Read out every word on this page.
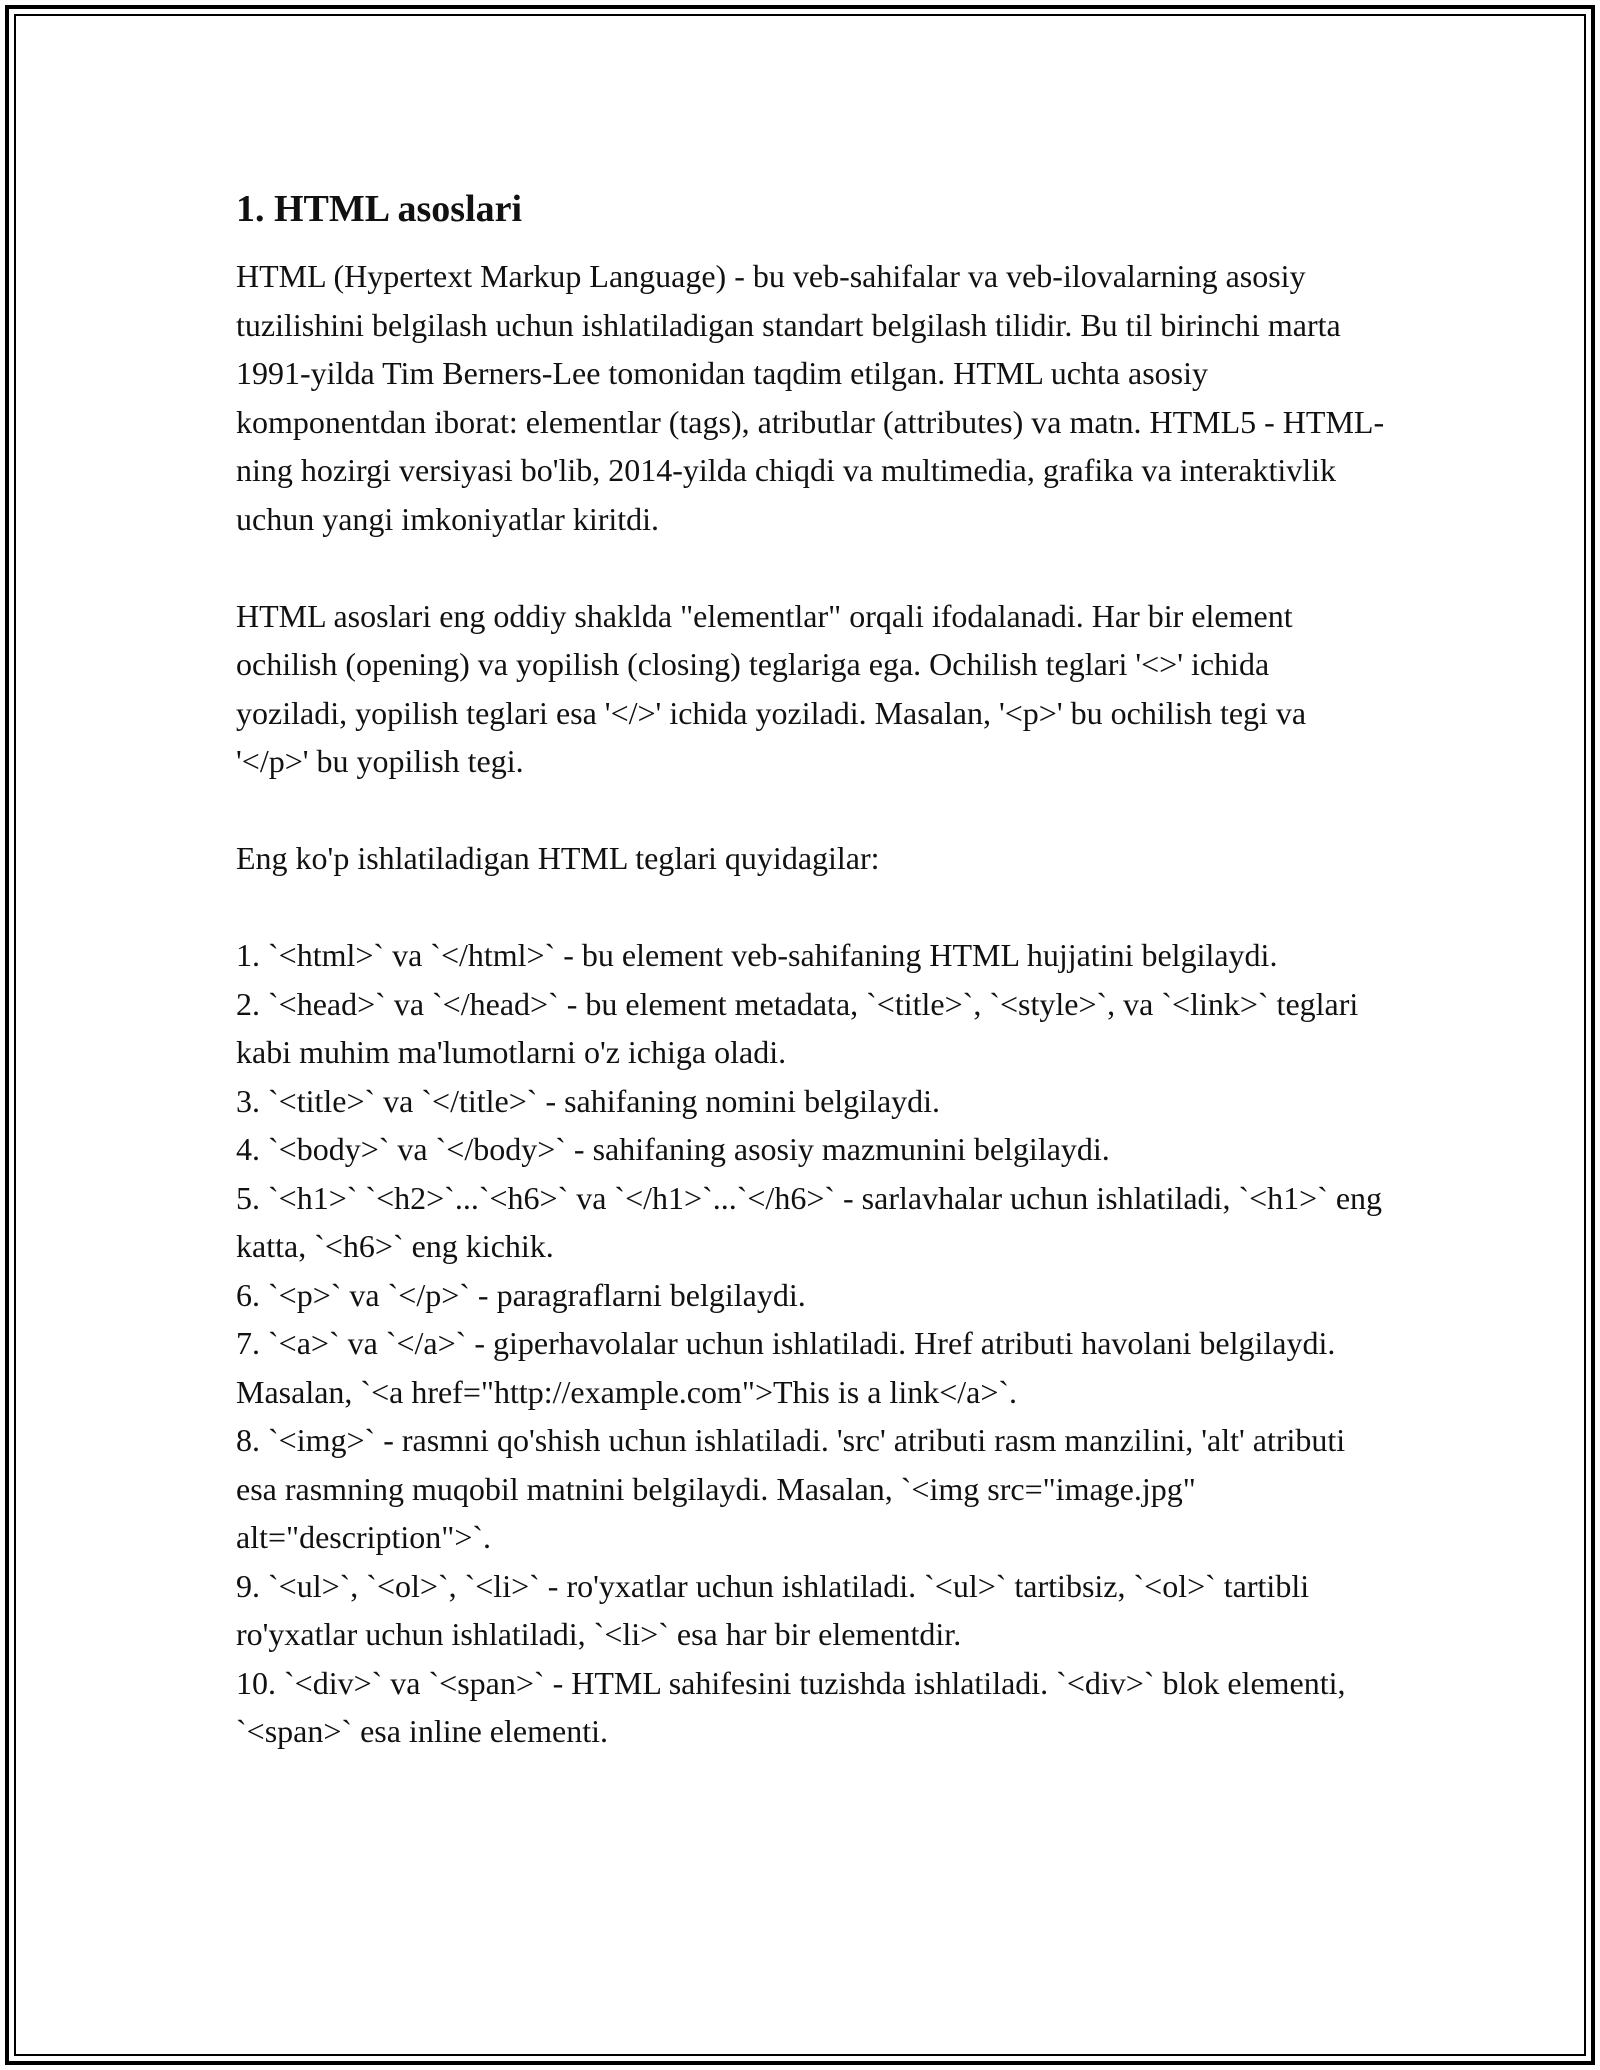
1. HTML asoslari

HTML (Hypertext Markup Language) - bu veb-sahifalar va veb-ilovalarning asosiy tuzilishini belgilash uchun ishlatiladigan standart belgilash tilidir. Bu til birinchi marta 1991-yilda Tim Berners-Lee tomonidan taqdim etilgan. HTML uchta asosiy komponentdan iborat: elementlar (tags), atributlar (attributes) va matn. HTML5 - HTML-ning hozirgi versiyasi bo'lib, 2014-yilda chiqdi va multimedia, grafika va interaktivlik uchun yangi imkoniyatlar kiritdi.

HTML asoslari eng oddiy shaklda "elementlar" orqali ifodalanadi. Har bir element ochilish (opening) va yopilish (closing) teglariga ega. Ochilish teglari '<>' ichida yoziladi, yopilish teglari esa '</>' ichida yoziladi. Masalan, '<p>' bu ochilish tegi va '</p>' bu yopilish tegi.

Eng ko'p ishlatiladigan HTML teglari quyidagilar:

1. `<html>` va `</html>` - bu element veb-sahifaning HTML hujjatini belgilaydi.
2. `<head>` va `</head>` - bu element metadata, `<title>`, `<style>`, va `<link>` teglari kabi muhim ma'lumotlarni o'z ichiga oladi.
3. `<title>` va `</title>` - sahifaning nomini belgilaydi.
4. `<body>` va `</body>` - sahifaning asosiy mazmunini belgilaydi.
5. `<h1>` `<h2>`...`<h6>` va `</h1>`...`</h6>` - sarlavhalar uchun ishlatiladi, `<h1>` eng katta, `<h6>` eng kichik.
6. `<p>` va `</p>` - paragraflarni belgilaydi.
7. `<a>` va `</a>` - giperhavolalar uchun ishlatiladi. Href atributi havolani belgilaydi. Masalan, `<a href="http://example.com">This is a link</a>`.
8. `<img>` - rasmni qo'shish uchun ishlatiladi. 'src' atributi rasm manzilini, 'alt' atributi esa rasmning muqobil matnini belgilaydi. Masalan, `<img src="image.jpg" alt="description">`.
9. `<ul>`, `<ol>`, `<li>` - ro'yxatlar uchun ishlatiladi. `<ul>` tartibsiz, `<ol>` tartibli ro'yxatlar uchun ishlatiladi, `<li>` esa har bir elementdir.
10. `<div>` va `<span>` - HTML sahifesini tuzishda ishlatiladi. `<div>` blok elementi, `<span>` esa inline elementi.
